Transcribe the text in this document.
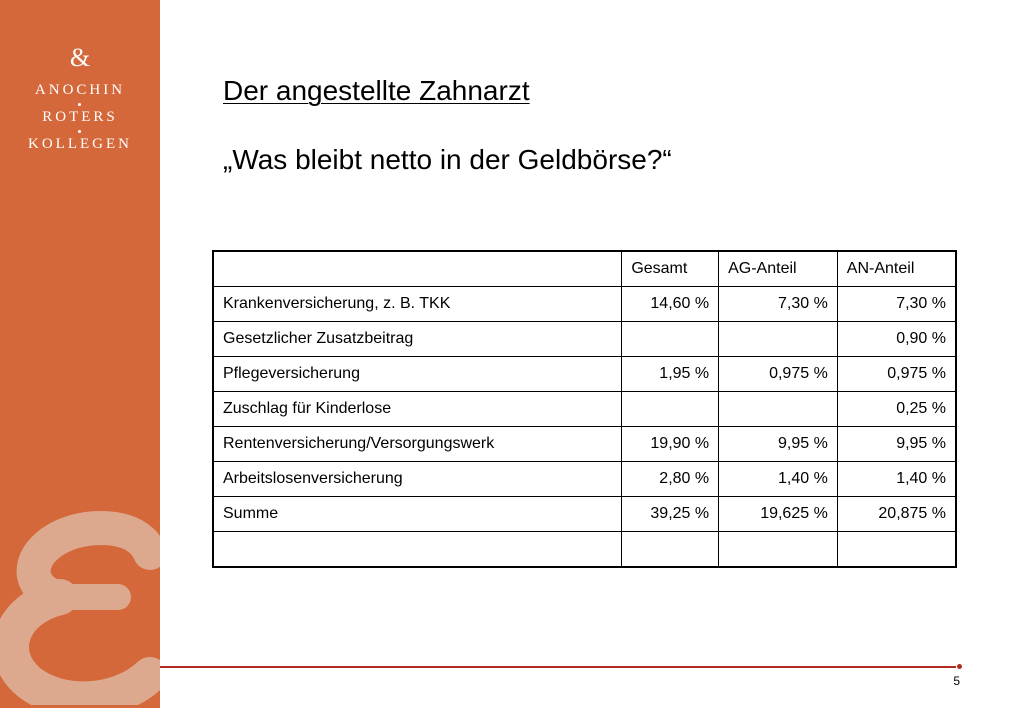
&
ANOCHIN
ROTERS
KOLLEGEN
Der angestellte Zahnarzt
„Was bleibt netto in der Geldbörse?“
	Gesamt	AG-Anteil	AN-Anteil
Krankenversicherung, z. B. TKK	14,60 %	7,30 %	7,30 %
Gesetzlicher Zusatzbeitrag			0,90 %
Pflegeversicherung	1,95 %	0,975 %	0,975 %
Zuschlag für Kinderlose			0,25 %
Rentenversicherung/Versorgungswerk	19,90 %	9,95 %	9,95 %
Arbeitslosenversicherung	2,80 %	1,40 %	1,40 %
Summe	39,25 %	19,625 %	20,875 %

5
